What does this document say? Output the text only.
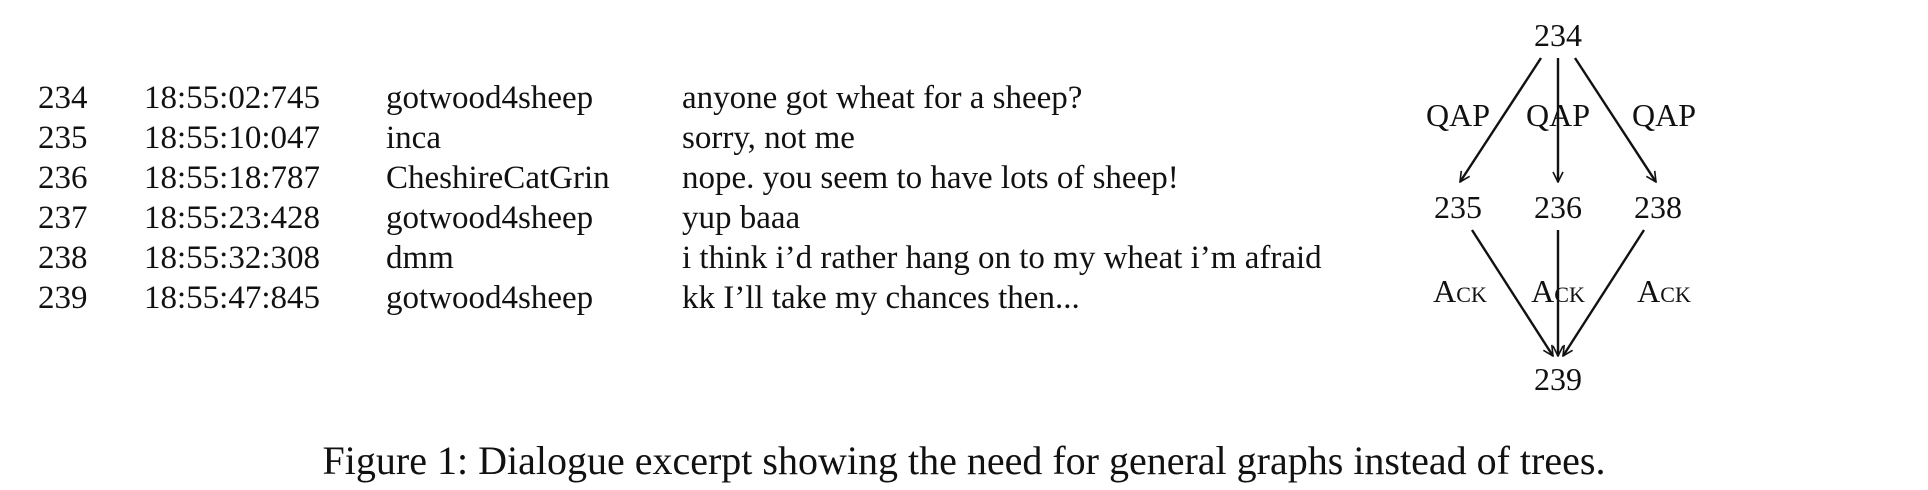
234	18:55:02:745	gotwood4sheep	anyone got wheat for a sheep?
235	18:55:10:047	inca	sorry, not me
236	18:55:18:787	CheshireCatGrin	nope. you seem to have lots of sheep!
237	18:55:23:428	gotwood4sheep	yup baaa
238	18:55:32:308	dmm	i think i’d rather hang on to my wheat i’m afraid
239	18:55:47:845	gotwood4sheep	kk I’ll take my chances then...
234
235 236 238
239
QAP QAP QAP
Ack Ack Ack
Figure 1: Dialogue excerpt showing the need for general graphs instead of trees.
